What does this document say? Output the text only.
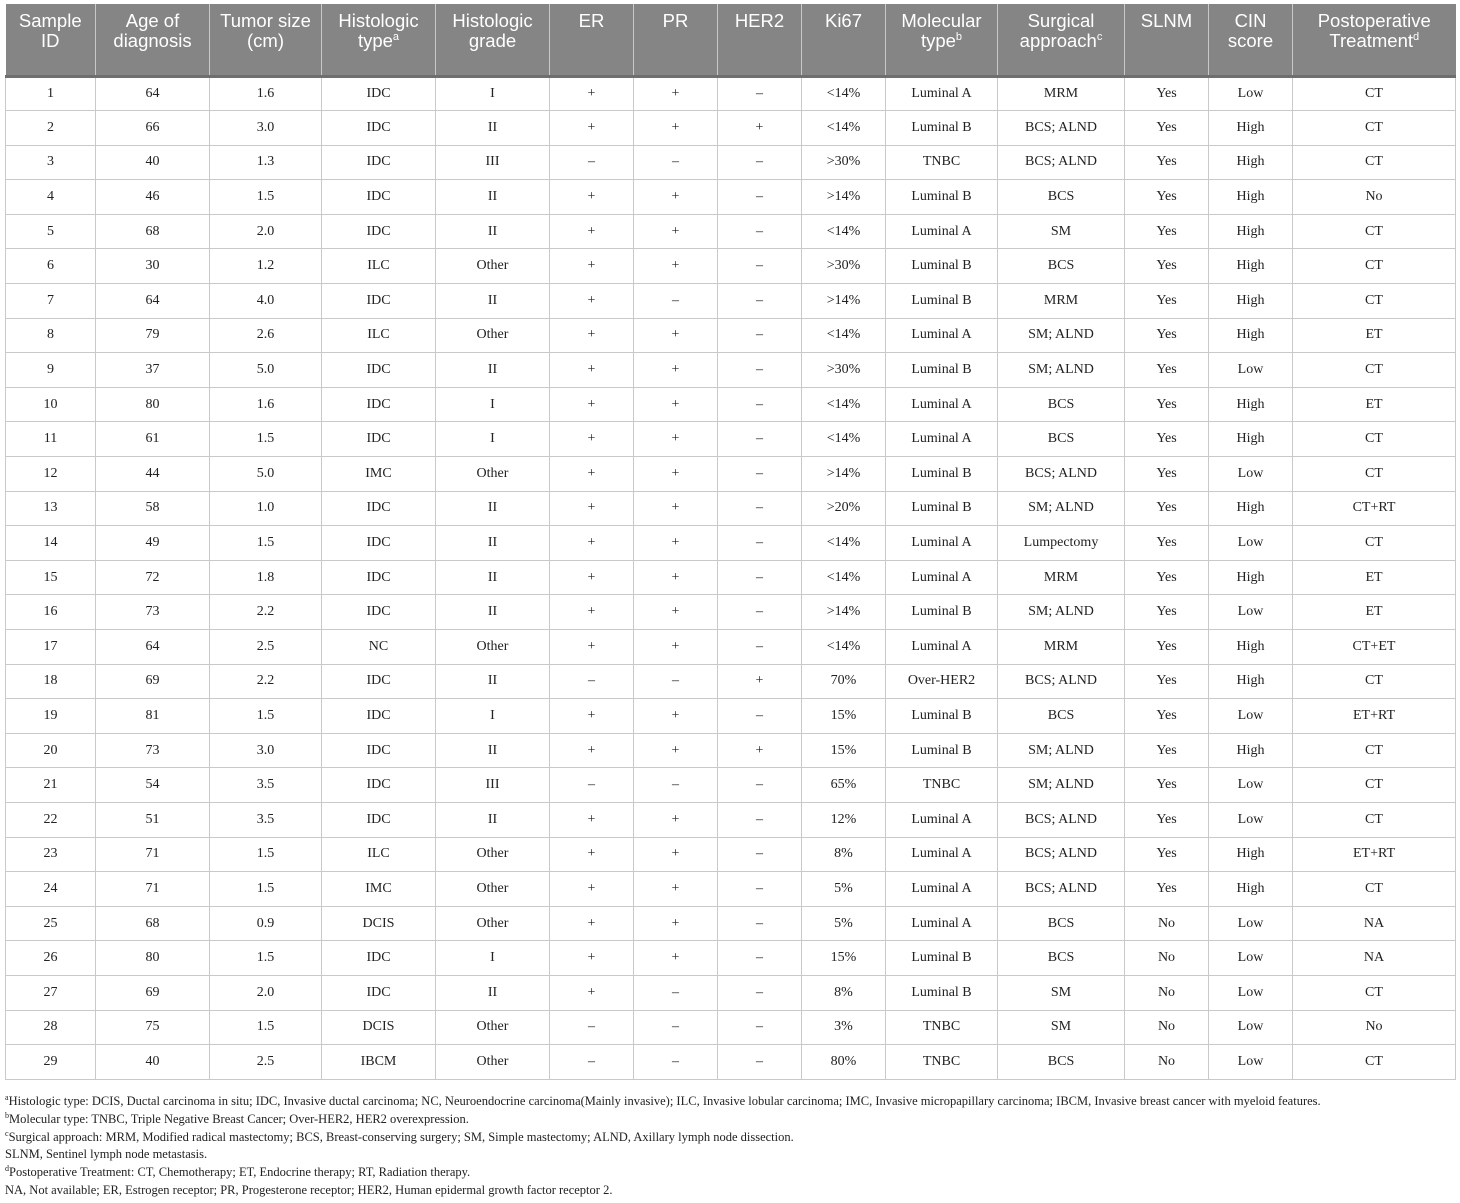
Sample ID	Age of diagnosis	Tumor size (cm)	Histologic type$^a$	Histologic grade	ER	PR	HER2	Ki67	Molecular type$^b$	Surgical approach$^c$	SLNM	CIN score	Postoperative Treatment$^d$
1	64	1.6	IDC	I	+	+	–	<14%	Luminal A	MRM	Yes	Low	CT
2	66	3.0	IDC	II	+	+	+	<14%	Luminal B	BCS; ALND	Yes	High	CT
3	40	1.3	IDC	III	–	–	–	>30%	TNBC	BCS; ALND	Yes	High	CT
4	46	1.5	IDC	II	+	+	–	>14%	Luminal B	BCS	Yes	High	No
5	68	2.0	IDC	II	+	+	–	<14%	Luminal A	SM	Yes	High	CT
6	30	1.2	ILC	Other	+	+	–	>30%	Luminal B	BCS	Yes	High	CT
7	64	4.0	IDC	II	+	–	–	>14%	Luminal B	MRM	Yes	High	CT
8	79	2.6	ILC	Other	+	+	–	<14%	Luminal A	SM; ALND	Yes	High	ET
9	37	5.0	IDC	II	+	+	–	>30%	Luminal B	SM; ALND	Yes	Low	CT
10	80	1.6	IDC	I	+	+	–	<14%	Luminal A	BCS	Yes	High	ET
11	61	1.5	IDC	I	+	+	–	<14%	Luminal A	BCS	Yes	High	CT
12	44	5.0	IMC	Other	+	+	–	>14%	Luminal B	BCS; ALND	Yes	Low	CT
13	58	1.0	IDC	II	+	+	–	>20%	Luminal B	SM; ALND	Yes	High	CT+RT
14	49	1.5	IDC	II	+	+	–	<14%	Luminal A	Lumpectomy	Yes	Low	CT
15	72	1.8	IDC	II	+	+	–	<14%	Luminal A	MRM	Yes	High	ET
16	73	2.2	IDC	II	+	+	–	>14%	Luminal B	SM; ALND	Yes	Low	ET
17	64	2.5	NC	Other	+	+	–	<14%	Luminal A	MRM	Yes	High	CT+ET
18	69	2.2	IDC	II	–	–	+	70%	Over-HER2	BCS; ALND	Yes	High	CT
19	81	1.5	IDC	I	+	+	–	15%	Luminal B	BCS	Yes	Low	ET+RT
20	73	3.0	IDC	II	+	+	+	15%	Luminal B	SM; ALND	Yes	High	CT
21	54	3.5	IDC	III	–	–	–	65%	TNBC	SM; ALND	Yes	Low	CT
22	51	3.5	IDC	II	+	+	–	12%	Luminal A	BCS; ALND	Yes	Low	CT
23	71	1.5	ILC	Other	+	+	–	8%	Luminal A	BCS; ALND	Yes	High	ET+RT
24	71	1.5	IMC	Other	+	+	–	5%	Luminal A	BCS; ALND	Yes	High	CT
25	68	0.9	DCIS	Other	+	+	–	5%	Luminal A	BCS	No	Low	NA
26	80	1.5	IDC	I	+	+	–	15%	Luminal B	BCS	No	Low	NA
27	69	2.0	IDC	II	+	–	–	8%	Luminal B	SM	No	Low	CT
28	75	1.5	DCIS	Other	–	–	–	3%	TNBC	SM	No	Low	No
29	40	2.5	IBCM	Other	–	–	–	80%	TNBC	BCS	No	Low	CT
$^a$Histologic type: DCIS, Ductal carcinoma in situ; IDC, Invasive ductal carcinoma; NC, Neuroendocrine carcinoma(Mainly invasive); ILC, Invasive lobular carcinoma; IMC, Invasive micropapillary carcinoma; IBCM, Invasive breast cancer with myeloid features.
$^b$Molecular type: TNBC, Triple Negative Breast Cancer; Over-HER2, HER2 overexpression.
$^c$Surgical approach: MRM, Modified radical mastectomy; BCS, Breast-conserving surgery; SM, Simple mastectomy; ALND, Axillary lymph node dissection.
SLNM, Sentinel lymph node metastasis.
$^d$Postoperative Treatment: CT, Chemotherapy; ET, Endocrine therapy; RT, Radiation therapy.
NA, Not available; ER, Estrogen receptor; PR, Progesterone receptor; HER2, Human epidermal growth factor receptor 2.
